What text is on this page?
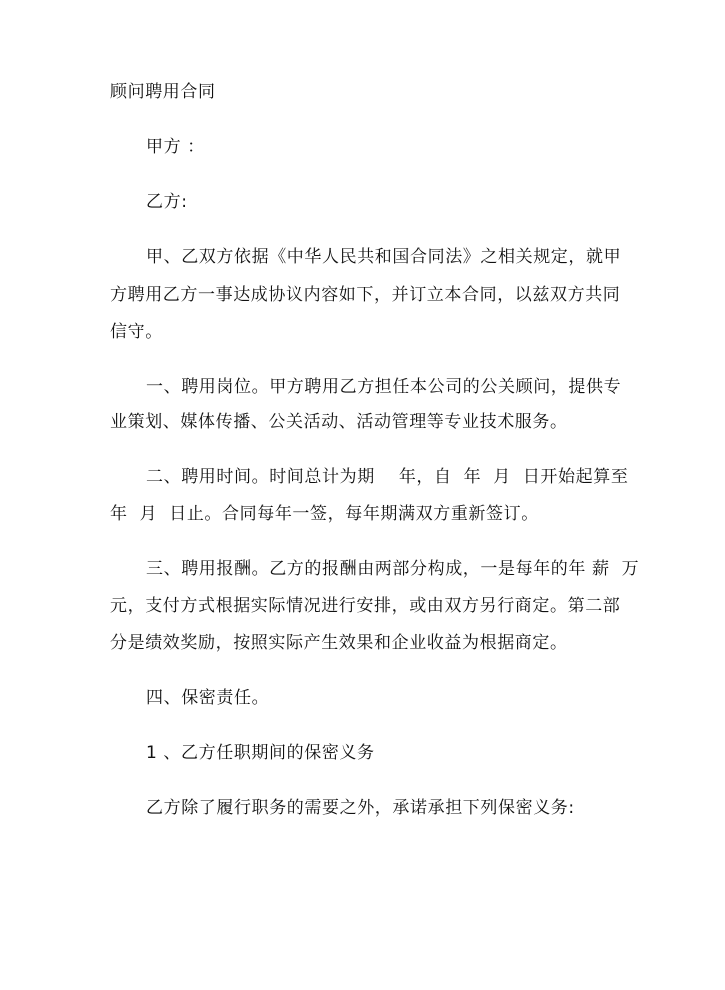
顾问聘用合同
甲方 ：
乙方:
甲、乙双方依据《中华人民共和国合同法》之相关规定，就甲
方聘用乙方一事达成协议内容如下，并订立本合同，以兹双方共同
信守。
一、聘用岗位。甲方聘用乙方担任本公司的公关顾问，提供专
业策划、媒体传播、公关活动、活动管理等专业技术服务。
二、聘用时间。时间总计为期    年，自  年  月  日开始起算至
年  月  日止。合同每年一签，每年期满双方重新签订。
三、聘用报酬。乙方的报酬由两部分构成，一是每年的年 薪  万
元，支付方式根据实际情况进行安排，或由双方另行商定。第二部
分是绩效奖励，按照实际产生效果和企业收益为根据商定。
四、保密责任。
1 、乙方任职期间的保密义务
乙方除了履行职务的需要之外，承诺承担下列保密义务:
